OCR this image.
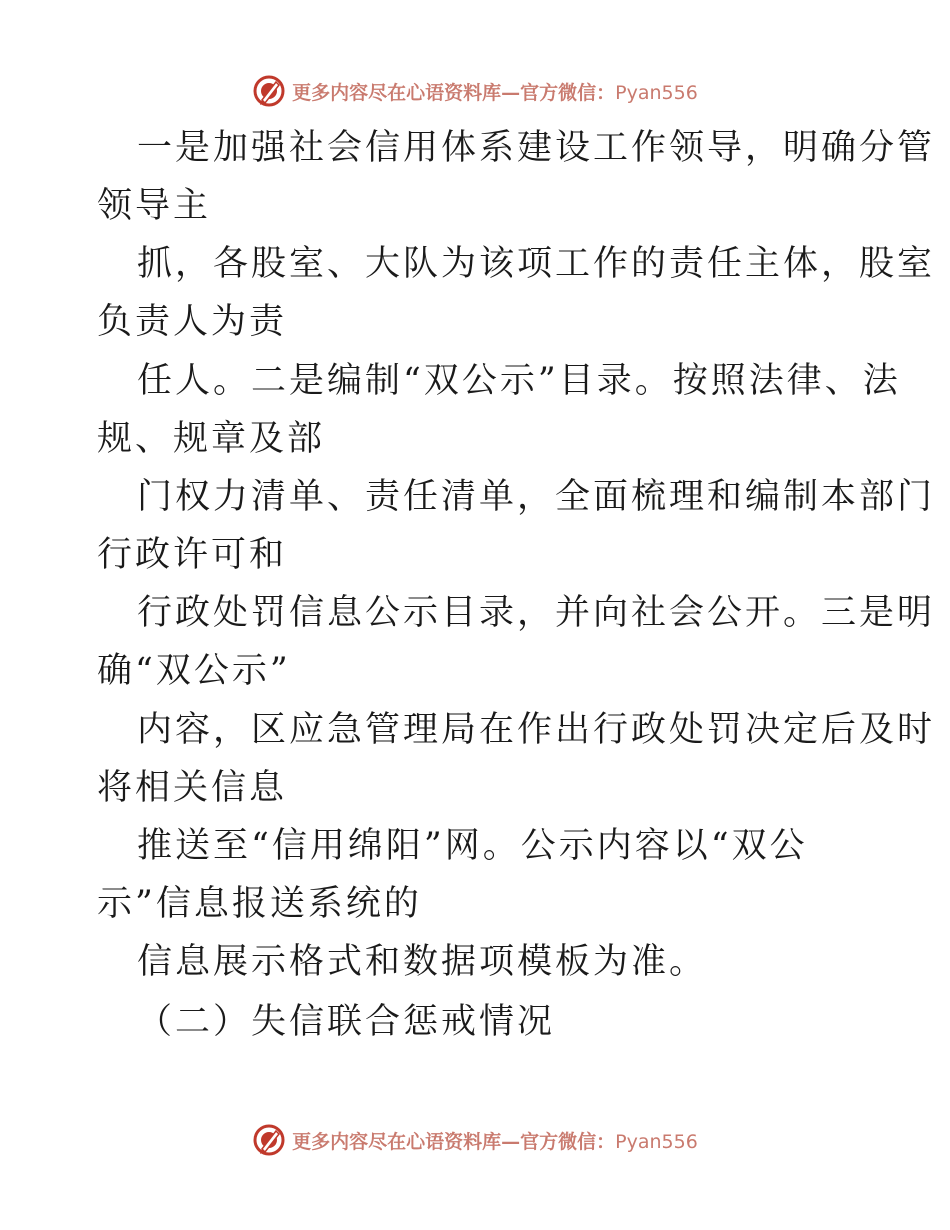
更多内容尽在心语资料库—官方微信：Pyan556
一是加强社会信用体系建设工作领导，明确分管
领导主
抓，各股室、大队为该项工作的责任主体，股室
负责人为责
任人。二是编制“双公示”目录。按照法律、法
规、规章及部
门权力清单、责任清单，全面梳理和编制本部门
行政许可和
行政处罚信息公示目录，并向社会公开。三是明
确“双公示”
内容，区应急管理局在作出行政处罚决定后及时
将相关信息
推送至“信用绵阳”网。公示内容以“双公
示”信息报送系统的
信息展示格式和数据项模板为准。
（二）失信联合惩戒情况
更多内容尽在心语资料库—官方微信：Pyan556
